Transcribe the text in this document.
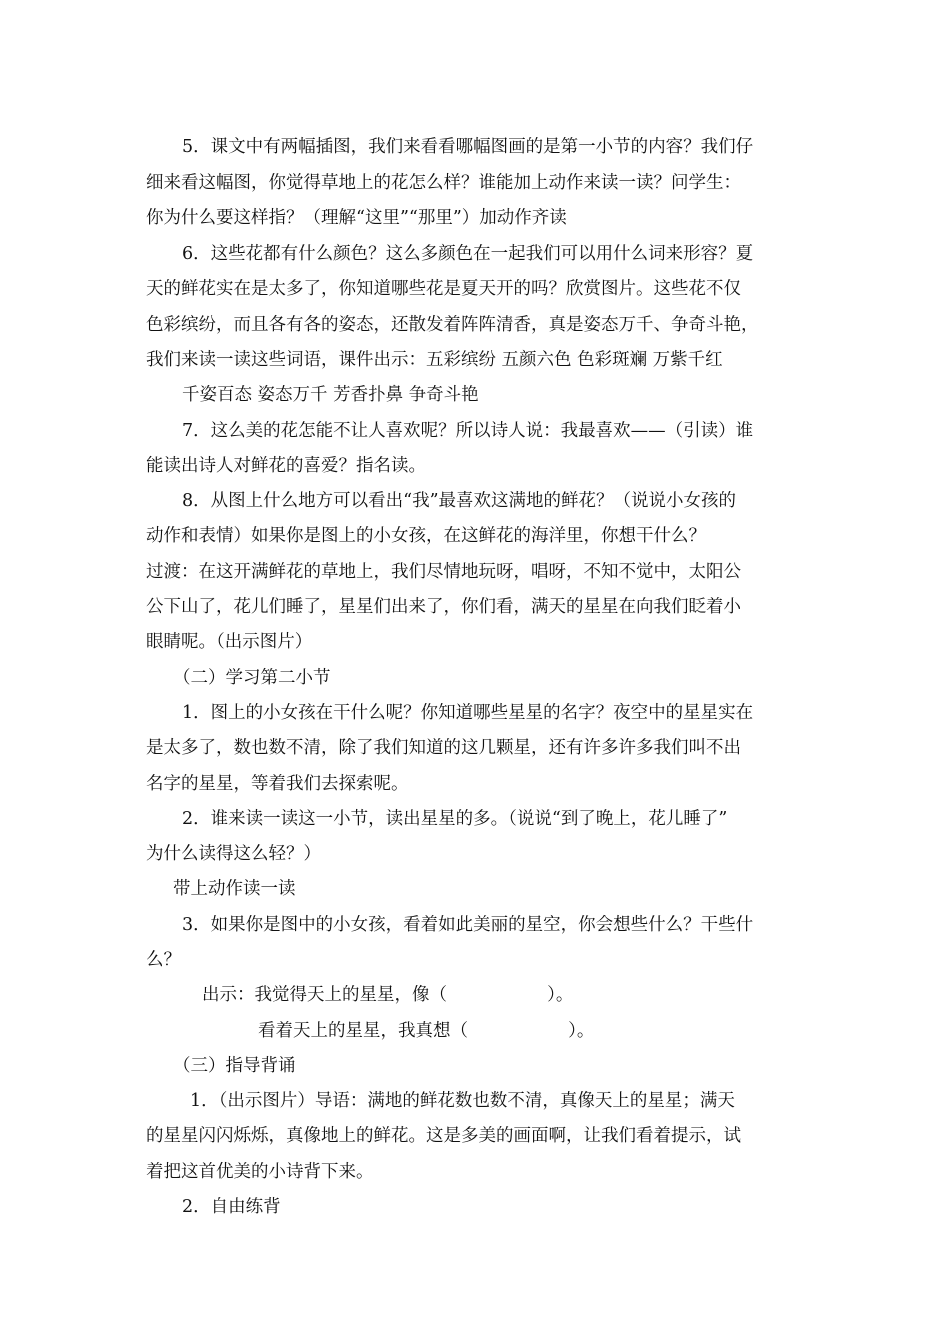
5．课文中有两幅插图，我们来看看哪幅图画的是第一小节的内容？我们仔
细来看这幅图，你觉得草地上的花怎么样？谁能加上动作来读一读？问学生：
你为什么要这样指？（理解“这里”“那里”）加动作齐读
6．这些花都有什么颜色？这么多颜色在一起我们可以用什么词来形容？夏
天的鲜花实在是太多了，你知道哪些花是夏天开的吗？欣赏图片。这些花不仅
色彩缤纷，而且各有各的姿态，还散发着阵阵清香，真是姿态万千、争奇斗艳，
我们来读一读这些词语，课件出示：五彩缤纷 五颜六色 色彩斑斓 万紫千红
千姿百态 姿态万千 芳香扑鼻 争奇斗艳
7．这么美的花怎能不让人喜欢呢？所以诗人说：我最喜欢——（引读）谁
能读出诗人对鲜花的喜爱？指名读。
8．从图上什么地方可以看出“我”最喜欢这满地的鲜花？（说说小女孩的
动作和表情）如果你是图上的小女孩，在这鲜花的海洋里，你想干什么？
过渡：在这开满鲜花的草地上，我们尽情地玩呀，唱呀，不知不觉中，太阳公
公下山了，花儿们睡了，星星们出来了，你们看，满天的星星在向我们眨着小
眼睛呢。（出示图片）
（二）学习第二小节
1．图上的小女孩在干什么呢？你知道哪些星星的名字？夜空中的星星实在
是太多了，数也数不清，除了我们知道的这几颗星，还有许多许多我们叫不出
名字的星星，等着我们去探索呢。
2．谁来读一读这一小节，读出星星的多。（说说“到了晚上，花儿睡了”
为什么读得这么轻？）
带上动作读一读
3．如果你是图中的小女孩，看着如此美丽的星空，你会想些什么？干些什
么？
出示：我觉得天上的星星，像（                  ）。
看着天上的星星，我真想（                  ）。
（三）指导背诵
1．（出示图片）导语：满地的鲜花数也数不清，真像天上的星星；满天
的星星闪闪烁烁，真像地上的鲜花。这是多美的画面啊，让我们看着提示，试
着把这首优美的小诗背下来。
2．自由练背
